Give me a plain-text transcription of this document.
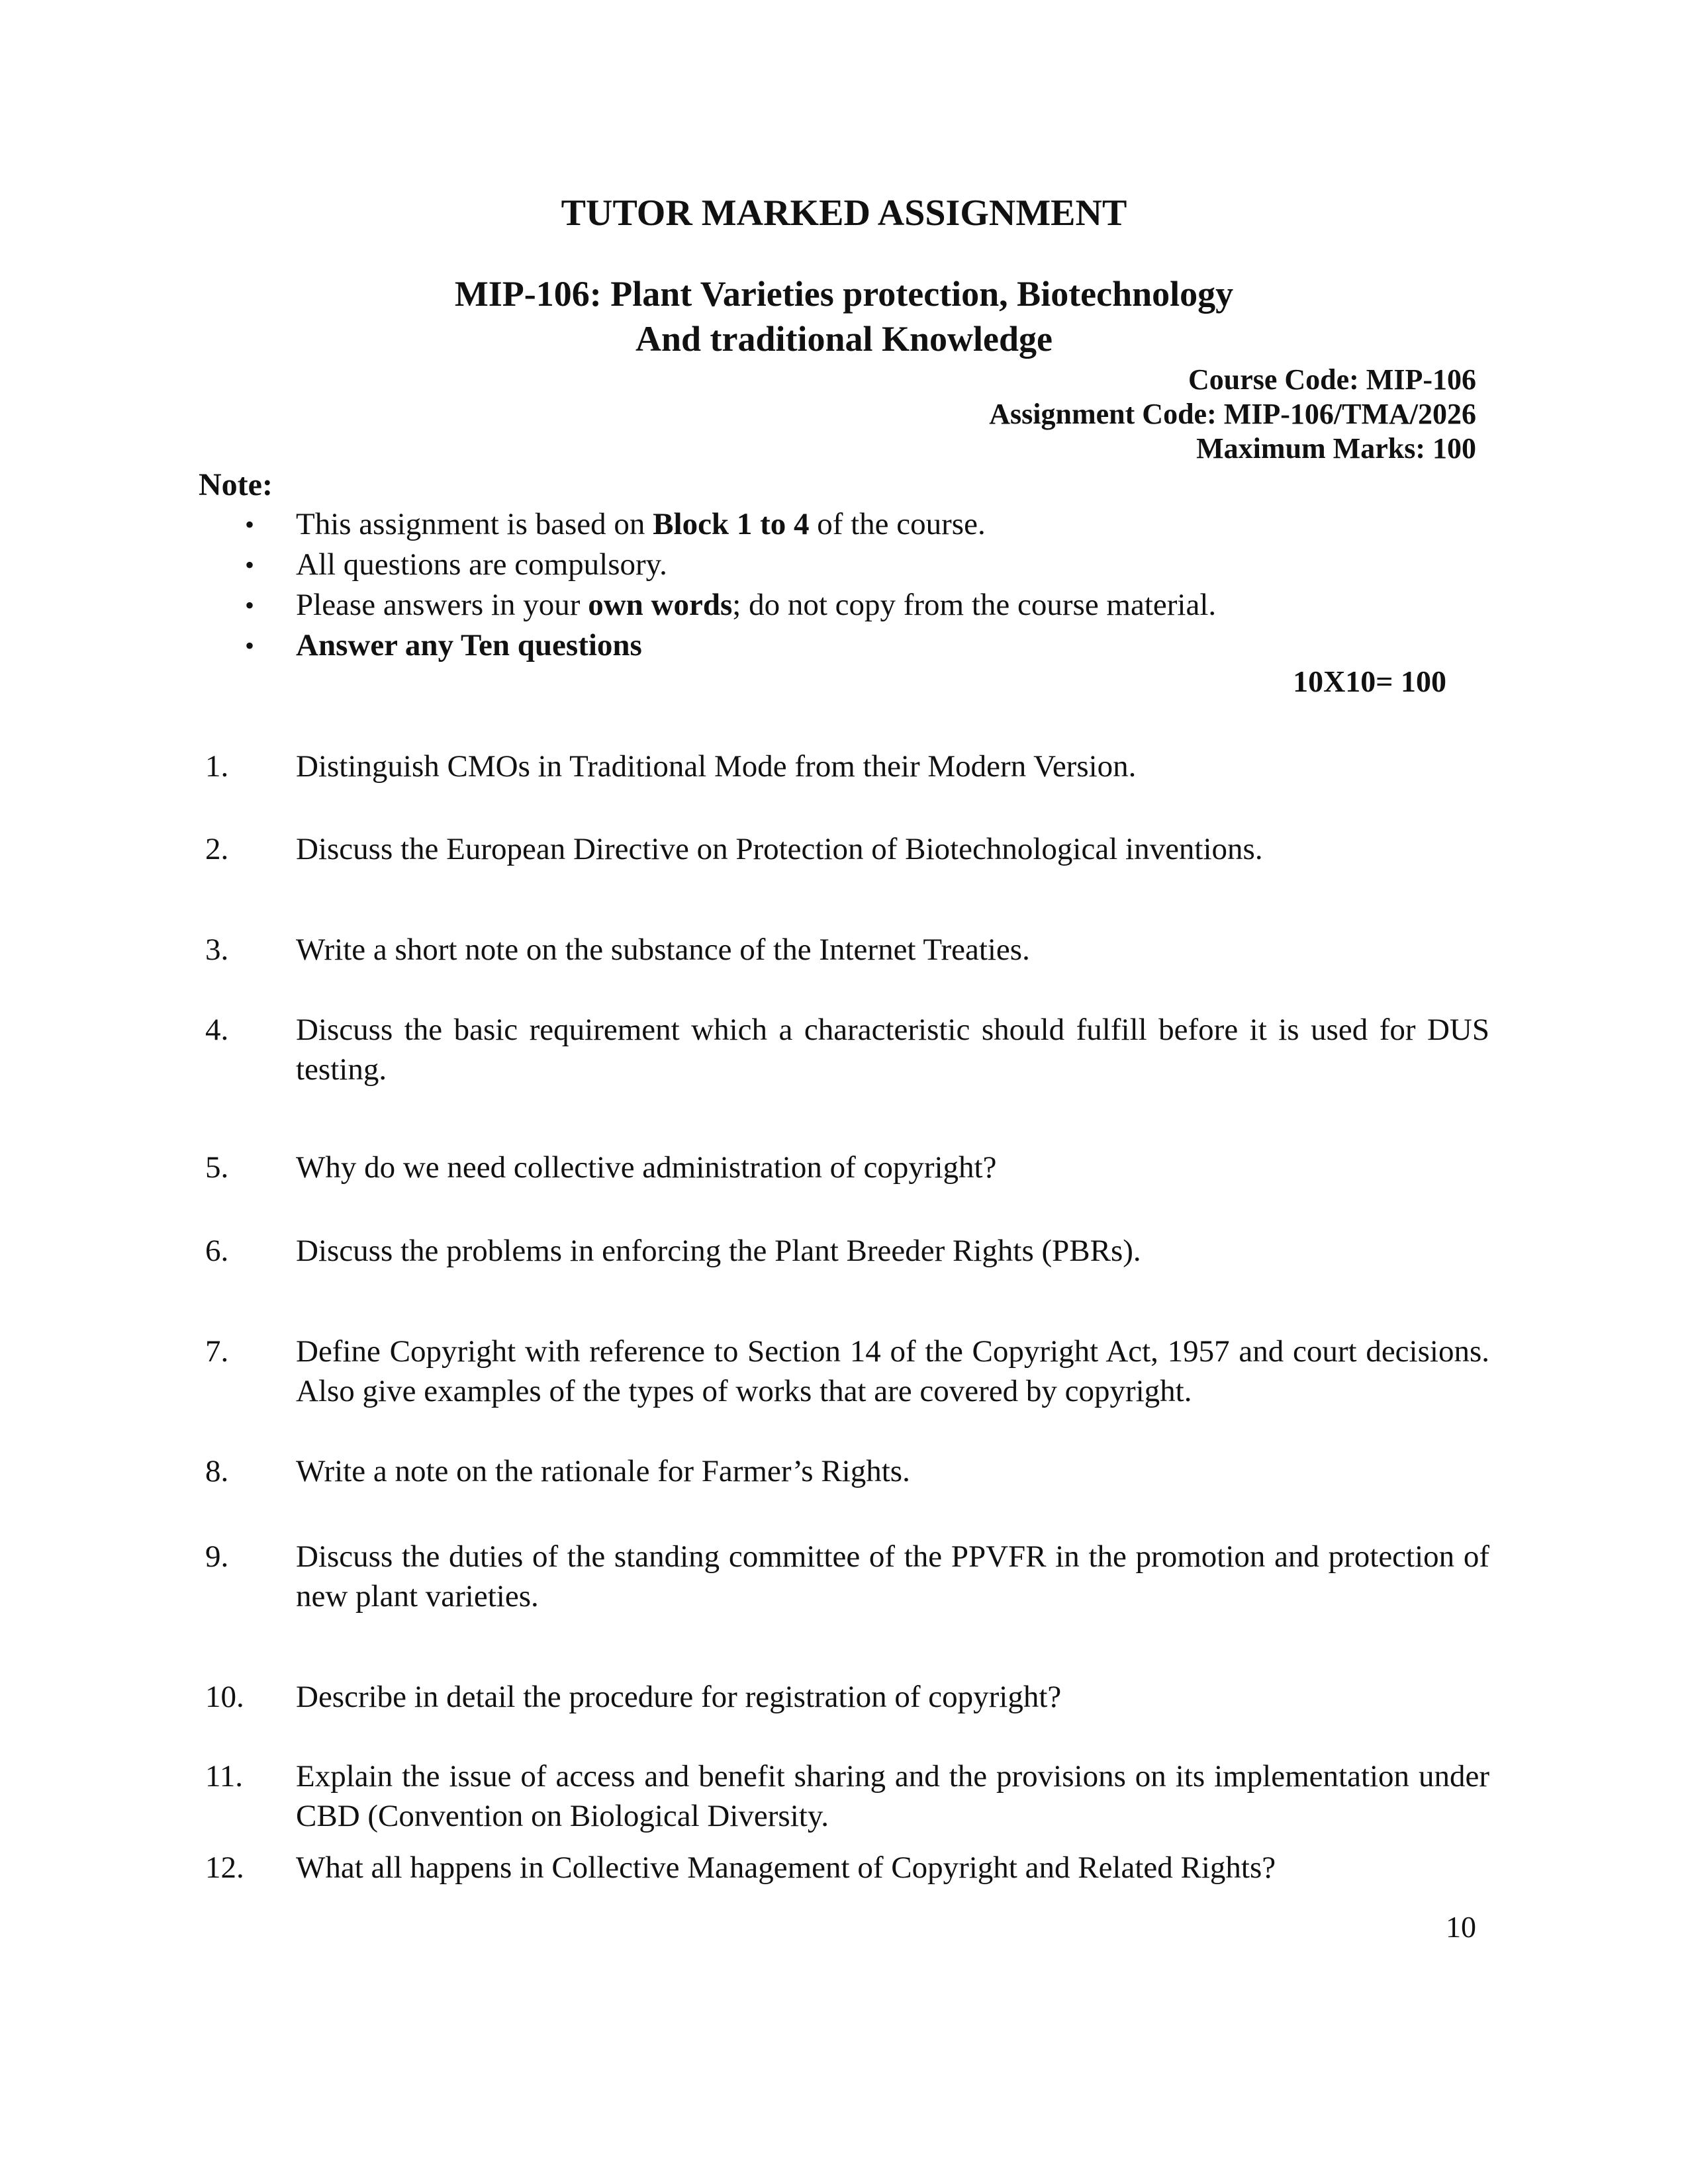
TUTOR MARKED ASSIGNMENT
MIP-106: Plant Varieties protection, Biotechnology
And traditional Knowledge
Course Code: MIP-106
Assignment Code: MIP-106/TMA/2026
Maximum Marks: 100
Note:
• This assignment is based on Block 1 to 4 of the course.
• All questions are compulsory.
• Please answers in your own words; do not copy from the course material.
• Answer any Ten questions
10X10= 100
1.	Distinguish CMOs in Traditional Mode from their Modern Version.
2.	Discuss the European Directive on Protection of Biotechnological inventions.
3.	Write a short note on the substance of the Internet Treaties.
4.	Discuss the basic requirement which a characteristic should fulfill before it is used for DUS testing.
5.	Why do we need collective administration of copyright?
6.	Discuss the problems in enforcing the Plant Breeder Rights (PBRs).
7.	Define Copyright with reference to Section 14 of the Copyright Act, 1957 and court decisions. Also give examples of the types of works that are covered by copyright.
8.	Write a note on the rationale for Farmer’s Rights.
9.	Discuss the duties of the standing committee of the PPVFR in the promotion and protection of new plant varieties.
10.	Describe in detail the procedure for registration of copyright?
11.	Explain the issue of access and benefit sharing and the provisions on its implementation under CBD (Convention on Biological Diversity.
12.	What all happens in Collective Management of Copyright and Related Rights?
10
